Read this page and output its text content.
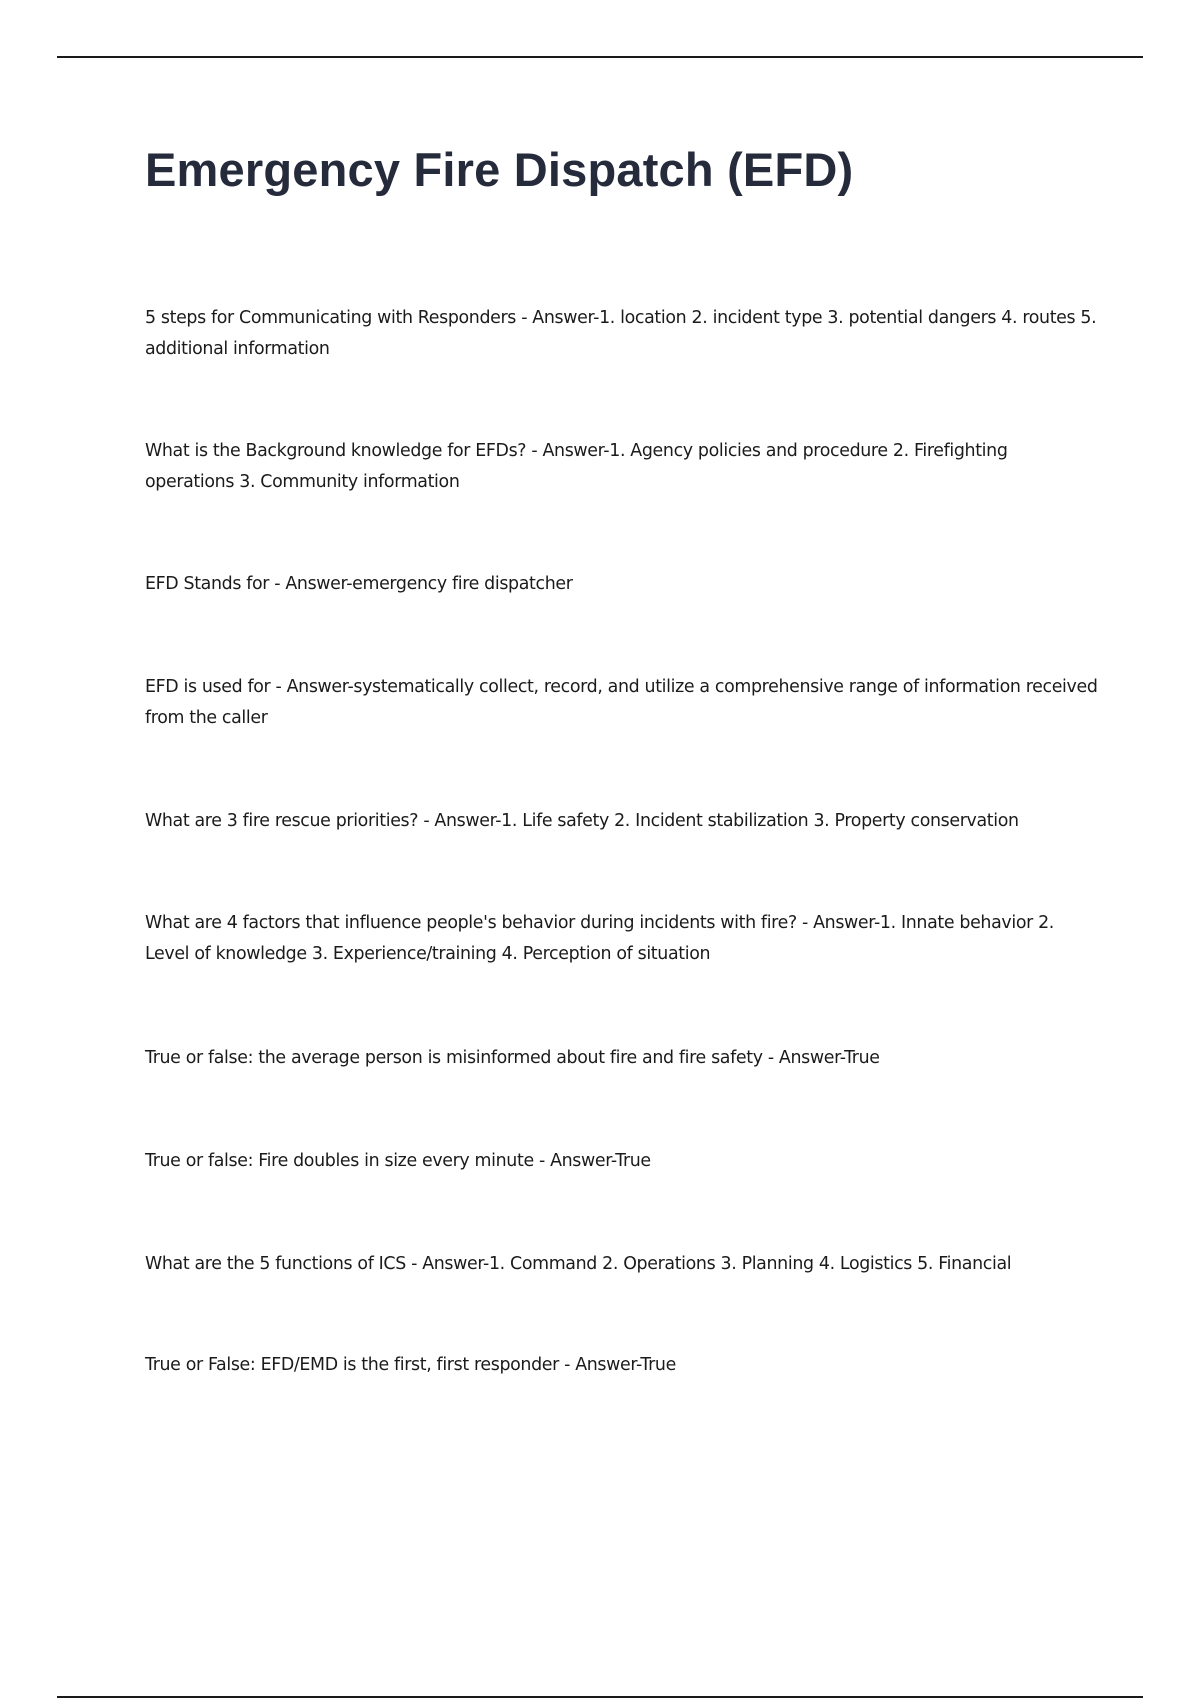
Emergency Fire Dispatch (EFD)

5 steps for Communicating with Responders - Answer-1. location 2. incident type 3. potential dangers 4. routes 5. additional information

What is the Background knowledge for EFDs? - Answer-1. Agency policies and procedure 2. Firefighting operations 3. Community information

EFD Stands for - Answer-emergency fire dispatcher

EFD is used for - Answer-systematically collect, record, and utilize a comprehensive range of information received from the caller

What are 3 fire rescue priorities? - Answer-1. Life safety 2. Incident stabilization 3. Property conservation

What are 4 factors that influence people's behavior during incidents with fire? - Answer-1. Innate behavior 2. Level of knowledge 3. Experience/training 4. Perception of situation

True or false: the average person is misinformed about fire and fire safety - Answer-True

True or false: Fire doubles in size every minute - Answer-True

What are the 5 functions of ICS - Answer-1. Command 2. Operations 3. Planning 4. Logistics 5. Financial

True or False: EFD/EMD is the first, first responder - Answer-True
